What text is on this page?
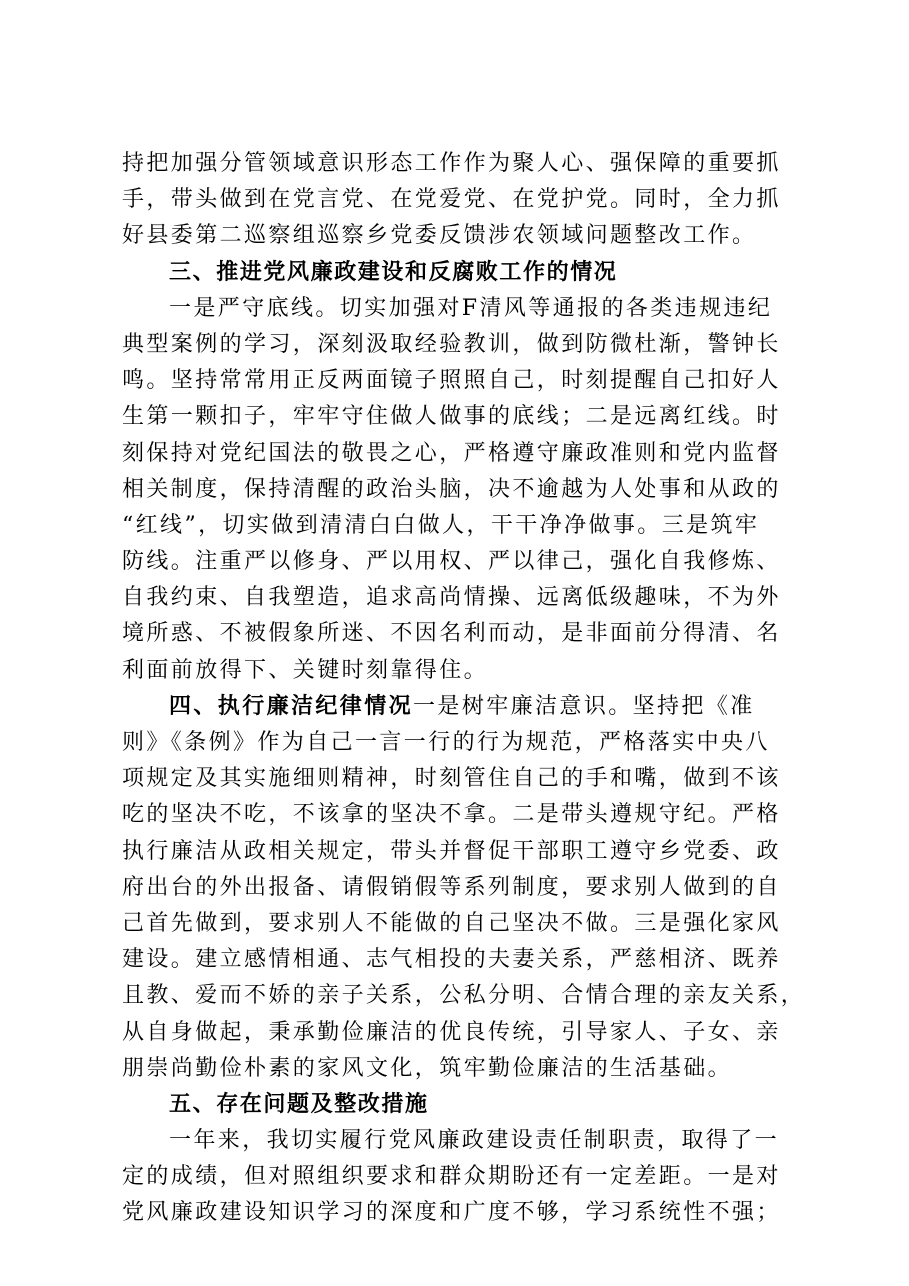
持把加强分管领域意识形态工作作为聚人心、强保障的重要抓
手，带头做到在党言党、在党爱党、在党护党。同时，全力抓
好县委第二巡察组巡察乡党委反馈涉农领域问题整改工作。
三、推进党风廉政建设和反腐败工作的情况
一是严守底线。切实加强对F清风等通报的各类违规违纪
典型案例的学习，深刻汲取经验教训，做到防微杜渐，警钟长
鸣。坚持常常用正反两面镜子照照自己，时刻提醒自己扣好人
生第一颗扣子，牢牢守住做人做事的底线；二是远离红线。时
刻保持对党纪国法的敬畏之心，严格遵守廉政准则和党内监督
相关制度，保持清醒的政治头脑，决不逾越为人处事和从政的
“红线”，切实做到清清白白做人，干干净净做事。三是筑牢
防线。注重严以修身、严以用权、严以律己，强化自我修炼、
自我约束、自我塑造，追求高尚情操、远离低级趣味，不为外
境所惑、不被假象所迷、不因名利而动，是非面前分得清、名
利面前放得下、关键时刻靠得住。
四、执行廉洁纪律情况一是树牢廉洁意识。坚持把《准
则》《条例》作为自己一言一行的行为规范，严格落实中央八
项规定及其实施细则精神，时刻管住自己的手和嘴，做到不该
吃的坚决不吃，不该拿的坚决不拿。二是带头遵规守纪。严格
执行廉洁从政相关规定，带头并督促干部职工遵守乡党委、政
府出台的外出报备、请假销假等系列制度，要求别人做到的自
己首先做到，要求别人不能做的自己坚决不做。三是强化家风
建设。建立感情相通、志气相投的夫妻关系，严慈相济、既养
且教、爱而不娇的亲子关系，公私分明、合情合理的亲友关系，
从自身做起，秉承勤俭廉洁的优良传统，引导家人、子女、亲
朋崇尚勤俭朴素的家风文化，筑牢勤俭廉洁的生活基础。
五、存在问题及整改措施
一年来，我切实履行党风廉政建设责任制职责，取得了一
定的成绩，但对照组织要求和群众期盼还有一定差距。一是对
党风廉政建设知识学习的深度和广度不够，学习系统性不强；
